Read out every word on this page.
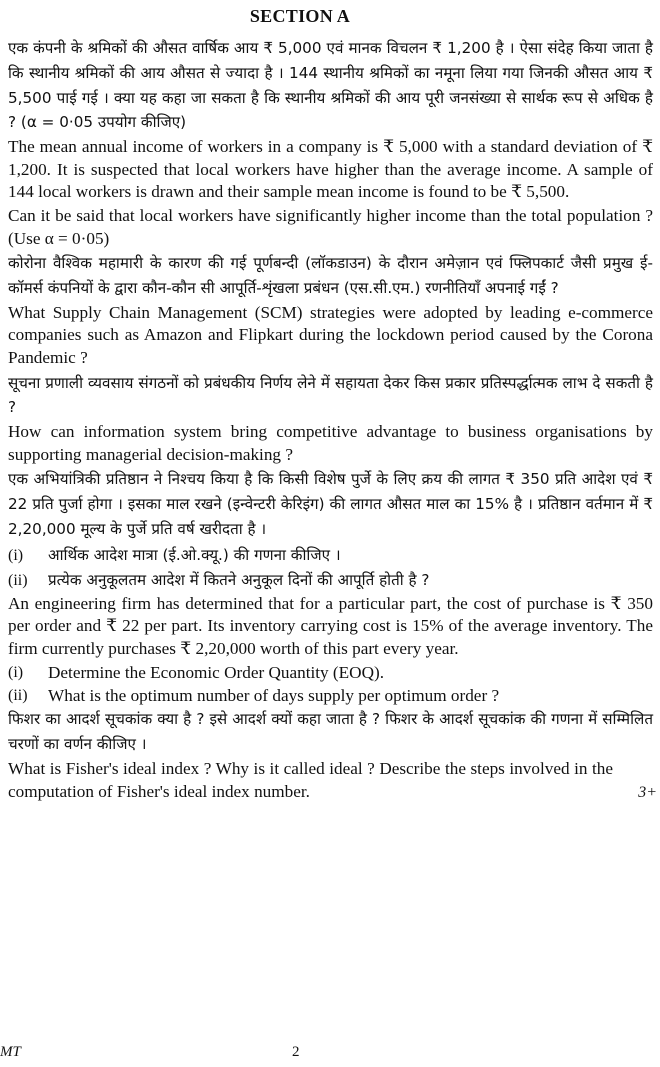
SECTION A

एक कंपनी के श्रमिकों की औसत वार्षिक आय ₹ 5,000 एवं मानक विचलन ₹ 1,200 है । ऐसा संदेह किया जाता है कि स्थानीय श्रमिकों की आय औसत से ज्यादा है । 144 स्थानीय श्रमिकों का नमूना लिया गया जिनकी औसत आय ₹ 5,500 पाई गई । क्या यह कहा जा सकता है कि स्थानीय श्रमिकों की आय पूरी जनसंख्या से सार्थक रूप से अधिक है ? (α = 0·05 उपयोग कीजिए)

The mean annual income of workers in a company is ₹ 5,000 with a standard deviation of ₹ 1,200. It is suspected that local workers have higher than the average income. A sample of 144 local workers is drawn and their sample mean income is found to be ₹ 5,500.

Can it be said that local workers have significantly higher income than the total population ? (Use α = 0·05)

कोरोना वैश्विक महामारी के कारण की गई पूर्णबन्दी (लॉकडाउन) के दौरान अमेज़ान एवं फ्लिपकार्ट जैसी प्रमुख ई-कॉमर्स कंपनियों के द्वारा कौन-कौन सी आपूर्ति-शृंखला प्रबंधन (एस.सी.एम.) रणनीतियाँ अपनाई गईं ?

What Supply Chain Management (SCM) strategies were adopted by leading e-commerce companies such as Amazon and Flipkart during the lockdown period caused by the Corona Pandemic ?

सूचना प्रणाली व्यवसाय संगठनों को प्रबंधकीय निर्णय लेने में सहायता देकर किस प्रकार प्रतिस्पर्द्धात्मक लाभ दे सकती है ?

How can information system bring competitive advantage to business organisations by supporting managerial decision-making ?

एक अभियांत्रिकी प्रतिष्ठान ने निश्चय किया है कि किसी विशेष पुर्जे के लिए क्रय की लागत ₹ 350 प्रति आदेश एवं ₹ 22 प्रति पुर्जा होगा । इसका माल रखने (इन्वेन्टरी केरिइंग) की लागत औसत माल का 15% है । प्रतिष्ठान वर्तमान में ₹ 2,20,000 मूल्य के पुर्जे प्रति वर्ष खरीदता है ।

(i)	आर्थिक आदेश मात्रा (ई.ओ.क्यू.) की गणना कीजिए ।
(ii)	प्रत्येक अनुकूलतम आदेश में कितने अनुकूल दिनों की आपूर्ति होती है ?

An engineering firm has determined that for a particular part, the cost of purchase is ₹ 350 per order and ₹ 22 per part. Its inventory carrying cost is 15% of the average inventory. The firm currently purchases ₹ 2,20,000 worth of this part every year.

(i)	Determine the Economic Order Quantity (EOQ).
(ii)	What is the optimum number of days supply per optimum order ?

फिशर का आदर्श सूचकांक क्या है ? इसे आदर्श क्यों कहा जाता है ? फिशर के आदर्श सूचकांक की गणना में सम्मिलित चरणों का वर्णन कीजिए ।

What is Fisher's ideal index ? Why is it called ideal ? Describe the steps involved in the computation of Fisher's ideal index number.	3+
MT	2
